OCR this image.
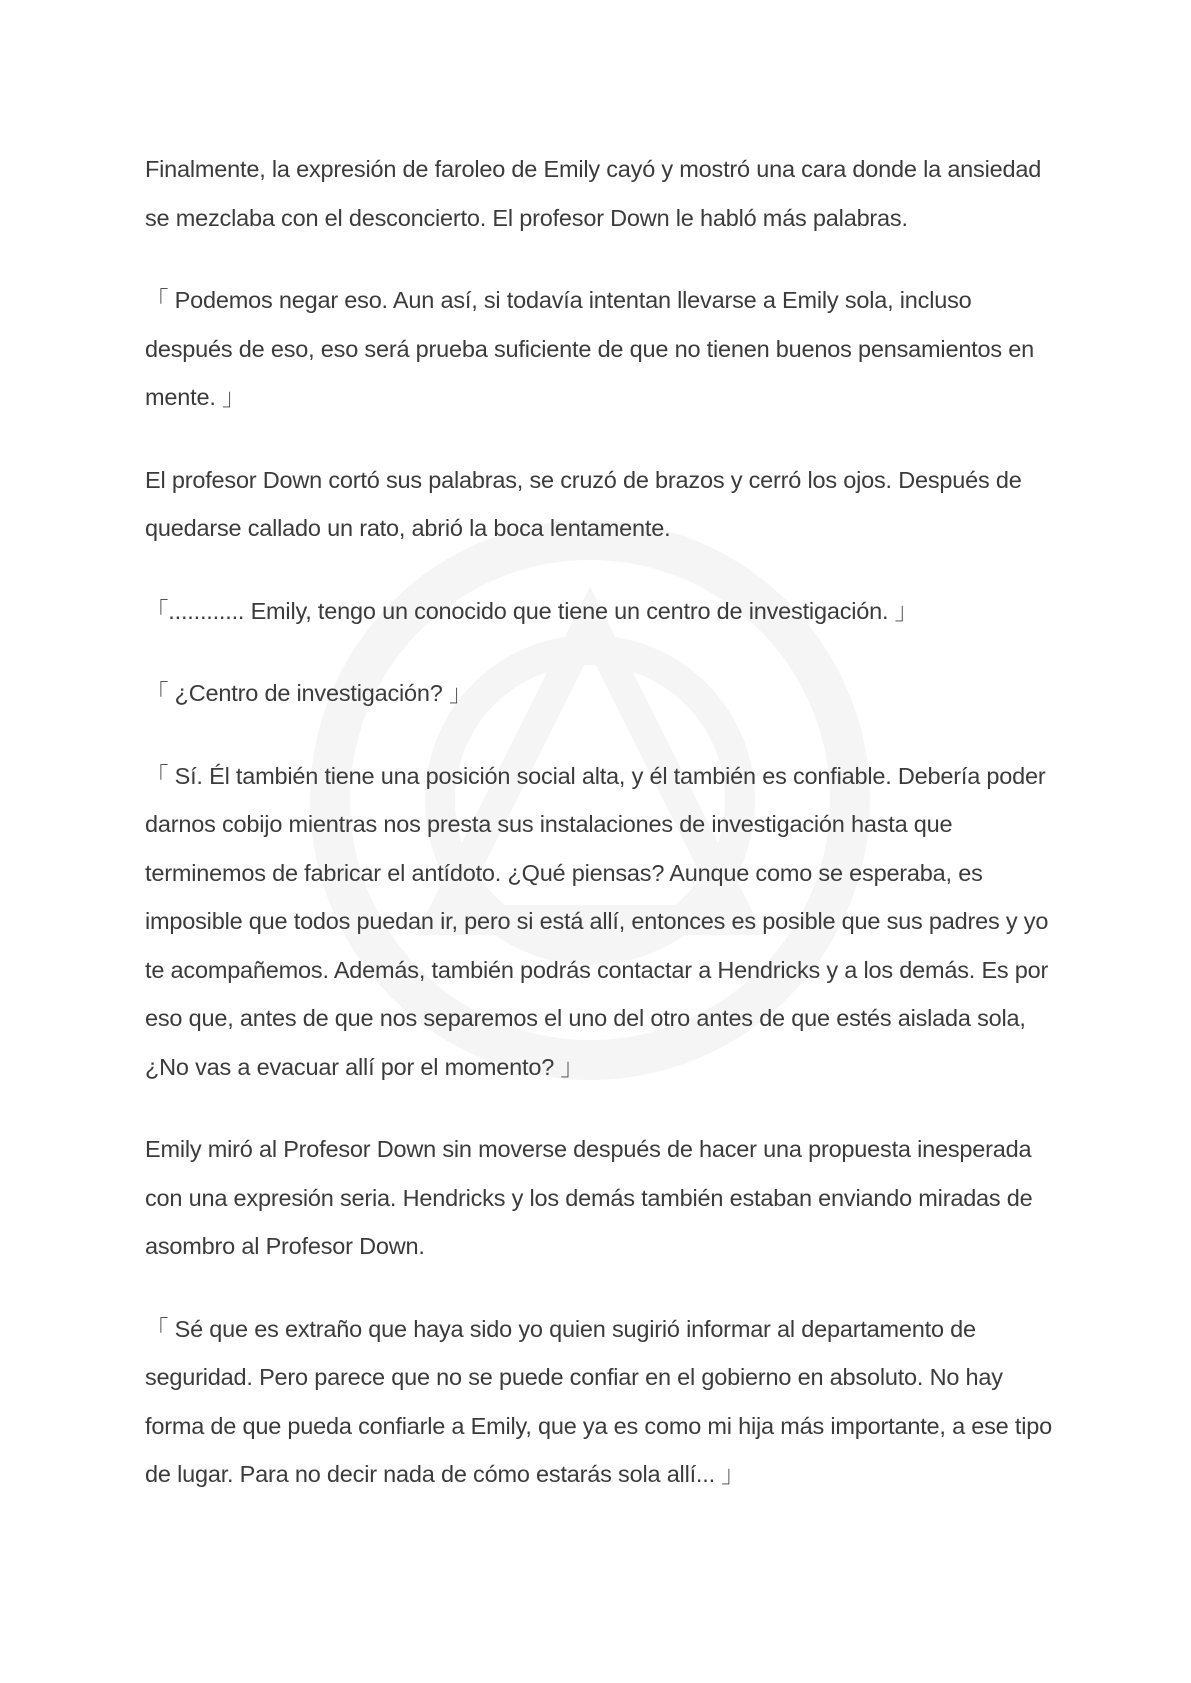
Finalmente, la expresión de faroleo de Emily cayó y mostró una cara donde la ansiedad se mezclaba con el desconcierto. El profesor Down le habló más palabras.

「 Podemos negar eso. Aun así, si todavía intentan llevarse a Emily sola, incluso después de eso, eso será prueba suficiente de que no tienen buenos pensamientos en mente. 」

El profesor Down cortó sus palabras, se cruzó de brazos y cerró los ojos. Después de quedarse callado un rato, abrió la boca lentamente.

「............ Emily, tengo un conocido que tiene un centro de investigación. 」

「 ¿Centro de investigación? 」

「 Sí. Él también tiene una posición social alta, y él también es confiable. Debería poder darnos cobijo mientras nos presta sus instalaciones de investigación hasta que terminemos de fabricar el antídoto. ¿Qué piensas? Aunque como se esperaba, es imposible que todos puedan ir, pero si está allí, entonces es posible que sus padres y yo te acompañemos. Además, también podrás contactar a Hendricks y a los demás. Es por eso que, antes de que nos separemos el uno del otro antes de que estés aislada sola, ¿No vas a evacuar allí por el momento? 」

Emily miró al Profesor Down sin moverse después de hacer una propuesta inesperada con una expresión seria. Hendricks y los demás también estaban enviando miradas de asombro al Profesor Down.

「 Sé que es extraño que haya sido yo quien sugirió informar al departamento de seguridad. Pero parece que no se puede confiar en el gobierno en absoluto. No hay forma de que pueda confiarle a Emily, que ya es como mi hija más importante, a ese tipo de lugar. Para no decir nada de cómo estarás sola allí... 」
